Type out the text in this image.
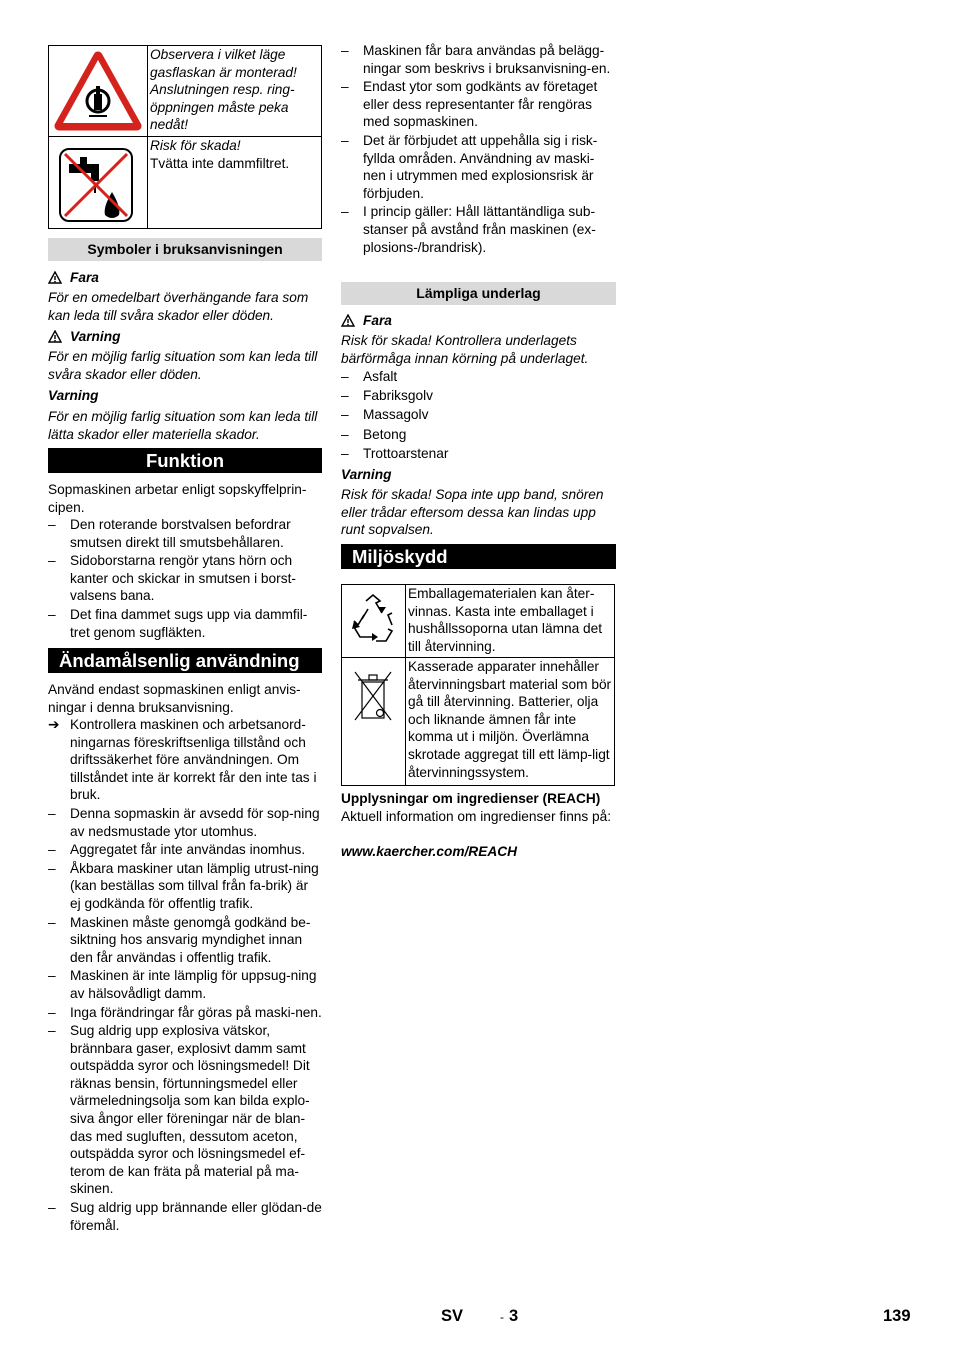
Observera i vilket läge gasflaskan är monterad! Anslutningen resp. ring-öppningen måste peka nedåt!
Risk för skada!
Tvätta inte dammfiltret.
Symboler i bruksanvisningen
Fara
För en omedelbart överhängande fara som kan leda till svåra skador eller döden.
Varning
För en möjlig farlig situation som kan leda till svåra skador eller döden.
Varning
För en möjlig farlig situation som kan leda till lätta skador eller materiella skador.
Funktion
Sopmaskinen arbetar enligt sopskyffelprin-cipen.
– Den roterande borstvalsen befordrar smutsen direkt till smutsbehållaren.
– Sidoborstarna rengör ytans hörn och kanter och skickar in smutsen i borst-valsens bana.
– Det fina dammet sugs upp via dammfil-tret genom sugfläkten.
Ändamålsenlig användning
Använd endast sopmaskinen enligt anvis-ningar i denna bruksanvisning.
➔ Kontrollera maskinen och arbetsanord-ningarnas föreskriftsenliga tillstånd och driftssäkerhet före användningen. Om tillståndet inte är korrekt får den inte tas i bruk.
– Denna sopmaskin är avsedd för sop-ning av nedsmustade ytor utomhus.
– Aggregatet får inte användas inomhus.
– Åkbara maskiner utan lämplig utrust-ning (kan beställas som tillval från fa-brik) är ej godkända för offentlig trafik.
– Maskinen måste genomgå godkänd be-siktning hos ansvarig myndighet innan den får användas i offentlig trafik.
– Maskinen är inte lämplig för uppsug-ning av hälsovådligt damm.
– Inga förändringar får göras på maski-nen.
– Sug aldrig upp explosiva vätskor, brännbara gaser, explosivt damm samt outspädda syror och lösningsmedel! Dit räknas bensin, förtunningsmedel eller värmeledningsolja som kan bilda explo-siva ångor eller föreningar när de blan-das med sugluften, dessutom aceton, outspädda syror och lösningsmedel ef-terom de kan fräta på material på ma-skinen.
– Sug aldrig upp brännande eller glödan-de föremål.
– Maskinen får bara användas på belägg-ningar som beskrivs i bruksanvisning-en.
– Endast ytor som godkänts av företaget eller dess representanter får rengöras med sopmaskinen.
– Det är förbjudet att uppehålla sig i risk-fyllda områden. Användning av maski-nen i utrymmen med explosionsrisk är förbjuden.
– I princip gäller: Håll lättantändliga sub-stanser på avstånd från maskinen (ex-plosions-/brandrisk).
Lämpliga underlag
Fara
Risk för skada! Kontrollera underlagets bärförmåga innan körning på underlaget.
– Asfalt
– Fabriksgolv
– Massagolv
– Betong
– Trottoarstenar
Varning
Risk för skada! Sopa inte upp band, snören eller trådar eftersom dessa kan lindas upp runt sopvalsen.
Miljöskydd
Emballagematerialen kan åter-vinnas. Kasta inte emballaget i hushållssoporna utan lämna det till återvinning.
Kasserade apparater innehåller återvinningsbart material som bör gå till återvinning. Batterier, olja och liknande ämnen får inte komma ut i miljön. Överlämna skrotade aggregat till ett lämp-ligt återvinningssystem.
Upplysningar om ingredienser (REACH)
Aktuell information om ingredienser finns på:
www.kaercher.com/REACH
SV	- 3	139
